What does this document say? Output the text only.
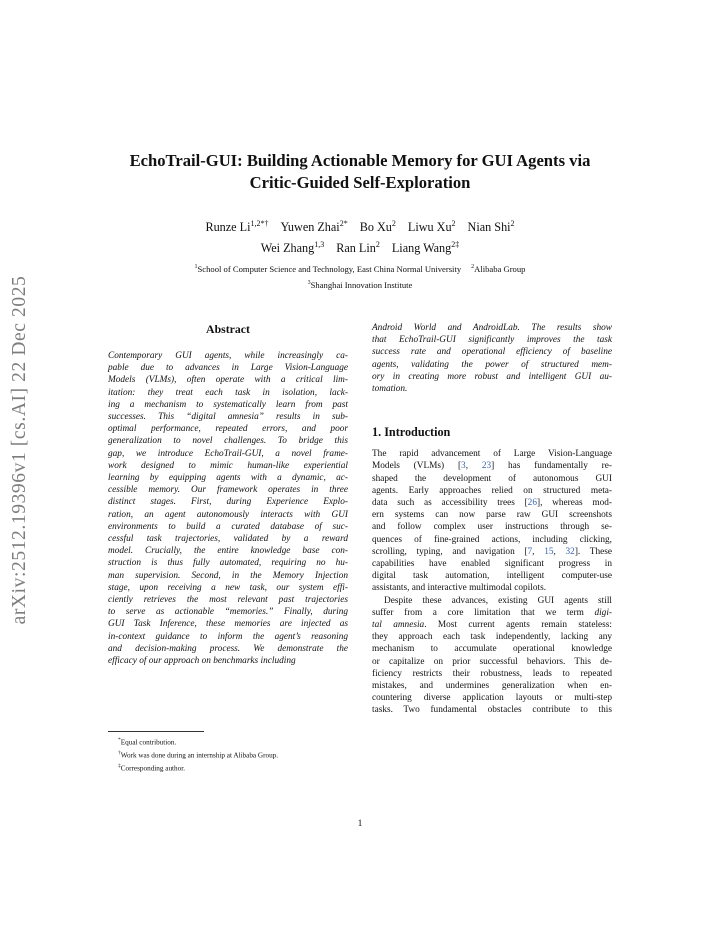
arXiv:2512.19396v1 [cs.AI] 22 Dec 2025
EchoTrail-GUI: Building Actionable Memory for GUI Agents via
Critic-Guided Self-Exploration
Runze $Li^{1,2*\dagger}$ Yuwen Zhai$^{2*}$ Bo Xu$^2$ Liwu Xu$^2$ Nian Shi$^2$
Wei Zhang$^{1,3}$ Ran Lin$^2$ Liang Wang$^{2\ddagger}$
$^1$School of Computer Science and Technology, East China Normal University $^2$Alibaba Group
$^3$Shanghai Innovation Institute
Abstract

Contemporary GUI agents, while increasingly ca-

pable due to advances in Large Vision-Language

Models (VLMs), often operate with a critical lim-

itation: they treat each task in isolation, lack-

ing a mechanism to systematically learn from past

successes. This “digital amnesia” results in sub-

optimal performance, repeated errors, and poor

generalization to novel challenges. To bridge this

gap, we introduce EchoTrail-GUI, a novel frame-

work designed to mimic human-like experiential

learning by equipping agents with a dynamic, ac-

cessible memory. Our framework operates in three

distinct stages. First, during Experience Explo-

ration, an agent autonomously interacts with GUI

environments to build a curated database of suc-

cessful task trajectories, validated by a reward

model. Crucially, the entire knowledge base con-

struction is thus fully automated, requiring no hu-

man supervision. Second, in the Memory Injection

stage, upon receiving a new task, our system effi-

ciently retrieves the most relevant past trajectories

to serve as actionable “memories.” Finally, during

GUI Task Inference, these memories are injected as

in-context guidance to inform the agent’s reasoning

and decision-making process. We demonstrate the

efficacy of our approach on benchmarks including

Android World and AndroidLab. The results show

that EchoTrail-GUI significantly improves the task

success rate and operational efficiency of baseline

agents, validating the power of structured mem-

ory in creating more robust and intelligent GUI au-

tomation.

1. Introduction

The rapid advancement of Large Vision-Language

Models (VLMs) [3, 23] has fundamentally re-

shaped the development of autonomous GUI

agents. Early approaches relied on structured meta-

data such as accessibility trees [26], whereas mod-

ern systems can now parse raw GUI screenshots

and follow complex user instructions through se-

quences of fine-grained actions, including clicking,

scrolling, typing, and navigation [7, 15, 32]. These

capabilities have enabled significant progress in

digital task automation, intelligent computer-use

assistants, and interactive multimodal copilots.

Despite these advances, existing GUI agents still

suffer from a core limitation that we term digi-

tal amnesia. Most current agents remain stateless:

they approach each task independently, lacking any

mechanism to accumulate operational knowledge

or capitalize on prior successful behaviors. This de-

ficiency restricts their robustness, leads to repeated

mistakes, and undermines generalization when en-

countering diverse application layouts or multi-step

tasks. Two fundamental obstacles contribute to this

*Equal contribution.
†Work was done during an internship at Alibaba Group.
‡Corresponding author.
1
